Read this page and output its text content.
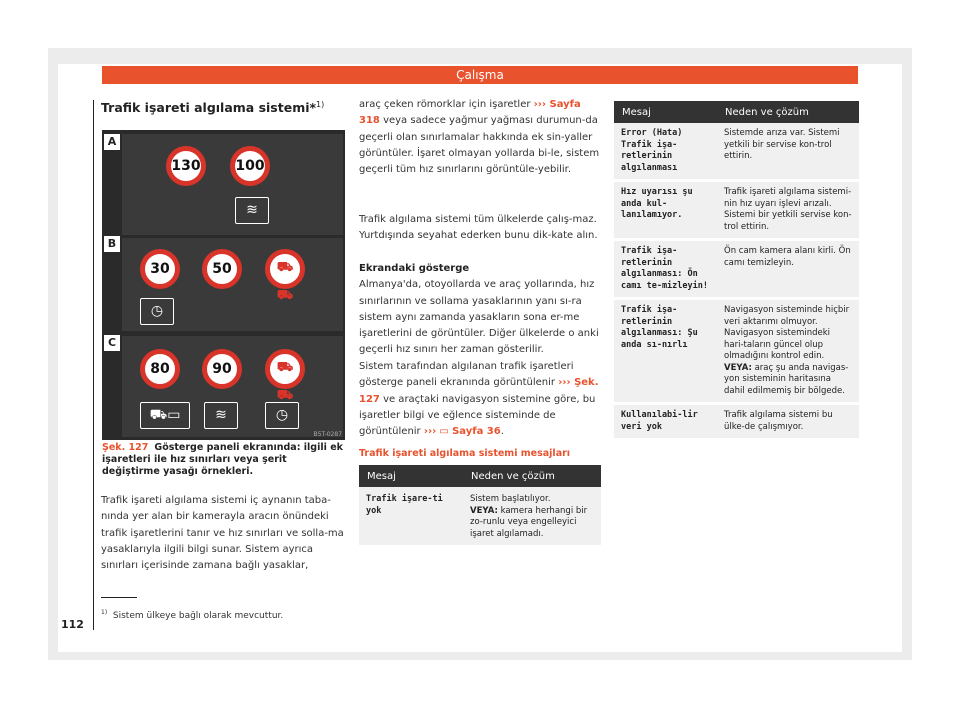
Çalışma
112
Trafik işareti algılama sistemi*$^{1)}$
A
130	100
≋
B
30	50	⛟⛟
◷
C
80	90	⛟⛟
⛟▭	≋	◷
B5T-0287
Şek. 127 Gösterge paneli ekranında: ilgili ek işaretleri ile hız sınırları veya şerit değiştirme yasağı örnekleri.

Trafik işareti algılama sistemi iç aynanın taba-nında yer alan bir kamerayla aracın önündeki trafik işaretlerini tanır ve hız sınırları ve solla-ma yasaklarıyla ilgili bilgi sunar. Sistem ayrıca sınırları içerisinde zamana bağlı yasaklar,

$^{1)}$ Sistem ülkeye bağlı olarak mevcuttur.

araç çeken römorklar için işaretler ››› Sayfa 318 veya sadece yağmur yağması durumun-da geçerli olan sınırlamalar hakkında ek sin-yaller görüntüler. İşaret olmayan yollarda bi-le, sistem geçerli tüm hız sınırlarını görüntüle-yebilir.

Trafik algılama sistemi tüm ülkelerde çalış-maz. Yurtdışında seyahat ederken bunu dik-kate alın.

Ekrandaki gösterge
Almanya'da, otoyollarda ve araç yollarında, hız sınırlarının ve sollama yasaklarının yanı sı-ra sistem aynı zamanda yasakların sona er-me işaretlerini de görüntüler. Diğer ülkelerde o anki geçerli hız sınırı her zaman gösterilir.

Sistem tarafından algılanan trafik işaretleri gösterge paneli ekranında görüntülenir ››› Şek. 127 ve araçtaki navigasyon sistemine göre, bu işaretler bilgi ve eğlence sisteminde de görüntülenir ››› ▭ Sayfa 36.

Trafik işareti algılama sistemi mesajları
Mesaj	Neden ve çözüm
Trafik işare-ti yok	Sistem başlatılıyor.
VEYA: kamera herhangi bir zo-runlu veya engelleyici işaret algılamadı.
Mesaj	Neden ve çözüm
Error (Hata) Trafik işa-retlerinin algılanması	Sistemde arıza var. Sistemi yetkili bir servise kon-trol ettirin.
Hız uyarısı şu anda kul-lanılamıyor.	Trafik işareti algılama sistemi-nin hız uyarı işlevi arızalı. Sistemi bir yetkili servise kon-trol ettirin.
Trafik işa-retlerinin algılanması: Ön camı te-mizleyin!	Ön cam kamera alanı kirli. Ön camı temizleyin.
Trafik işa-retlerinin algılanması: Şu anda sı-nırlı	Navigasyon sisteminde hiçbir veri aktarımı olmuyor. Navigasyon sistemindeki hari-taların güncel olup olmadığını kontrol edin.
VEYA: araç şu anda navigas-yon sisteminin haritasına dahil edilmemiş bir bölgede.
Kullanılabi-lir veri yok	Trafik algılama sistemi bu ülke-de çalışmıyor.
